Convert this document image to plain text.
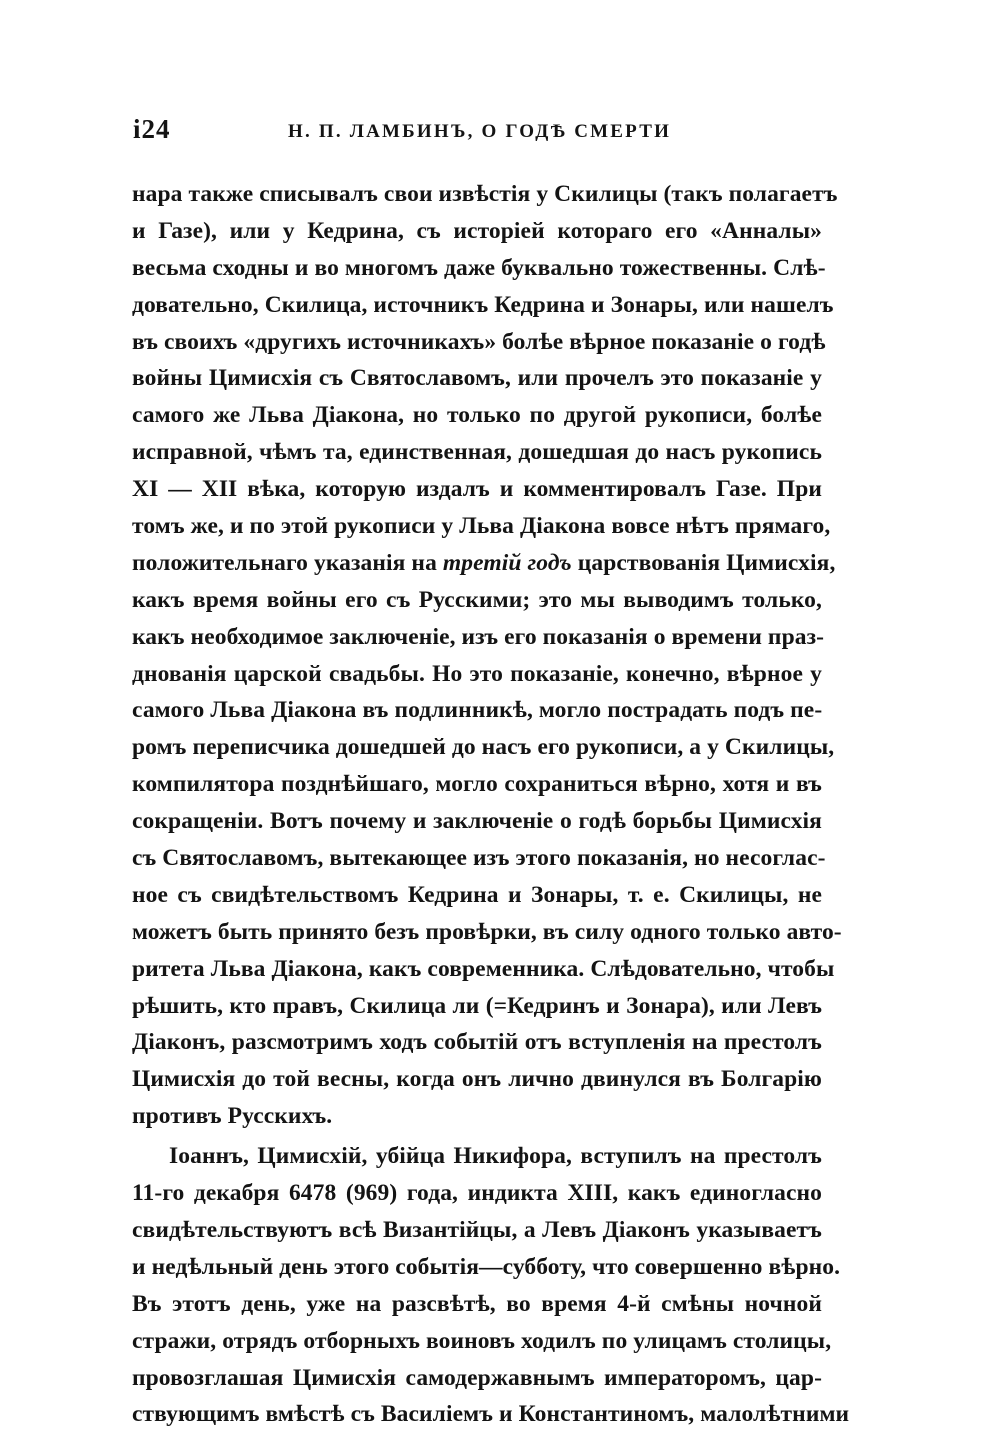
i24	Н. П. ЛАМБИНЪ, О ГОДѢ СМЕРТИ
нара также списывалъ свои извѣстія у Скилицы (такъ полагаетъ
и Газе), или у Кедрина, съ исторіей котораго его «Анналы»
весьма сходны и во многомъ даже буквально тожественны. Слѣ-
довательно, Скилица, источникъ Кедрина и Зонары, или нашелъ
въ своихъ «другихъ источникахъ» болѣе вѣрное показаніе о годѣ
войны Цимисхія съ Святославомъ, или прочелъ это показаніе у
самого же Льва Діакона, но только по другой рукописи, болѣе
исправной, чѣмъ та, единственная, дошедшая до насъ рукопись
XI — XII вѣка, которую издалъ и комментировалъ Газе. При
томъ же, и по этой рукописи у Льва Діакона вовсе нѣтъ прямаго,
положительнаго указанія на третій годъ царствованія Цимисхія,
какъ время войны его съ Русскими; это мы выводимъ только,
какъ необходимое заключеніе, изъ его показанія о времени праз-
днованія царской свадьбы. Но это показаніе, конечно, вѣрное у
самого Льва Діакона въ подлинникѣ, могло пострадать подъ пе-
ромъ переписчика дошедшей до насъ его рукописи, а у Скилицы,
компилятора позднѣйшаго, могло сохраниться вѣрно, хотя и въ
сокращеніи. Вотъ почему и заключеніе о годѣ борьбы Цимисхія
съ Святославомъ, вытекающее изъ этого показанія, но несоглас-
ное съ свидѣтельствомъ Кедрина и Зонары, т. е. Скилицы, не
можетъ быть принято безъ провѣрки, въ силу одного только авто-
ритета Льва Діакона, какъ современника. Слѣдовательно, чтобы
рѣшить, кто правъ, Скилица ли (=Кедринъ и Зонара), или Левъ
Діаконъ, разсмотримъ ходъ событій отъ вступленія на престолъ
Цимисхія до той весны, когда онъ лично двинулся въ Болгарію
противъ Русскихъ.
Іоаннъ, Цимисхій, убійца Никифора, вступилъ на престолъ
11-го декабря 6478 (969) года, индикта XIII, какъ единогласно
свидѣтельствуютъ всѣ Византійцы, а Левъ Діаконъ указываетъ
и недѣльный день этого событія—субботу, что совершенно вѣрно.
Въ этотъ день, уже на разсвѣтѣ, во время 4-й смѣны ночной
стражи, отрядъ отборныхъ воиновъ ходилъ по улицамъ столицы,
провозглашая Цимисхія самодержавнымъ императоромъ, цар-
ствующимъ вмѣстѣ съ Василіемъ и Константиномъ, малолѣтними
